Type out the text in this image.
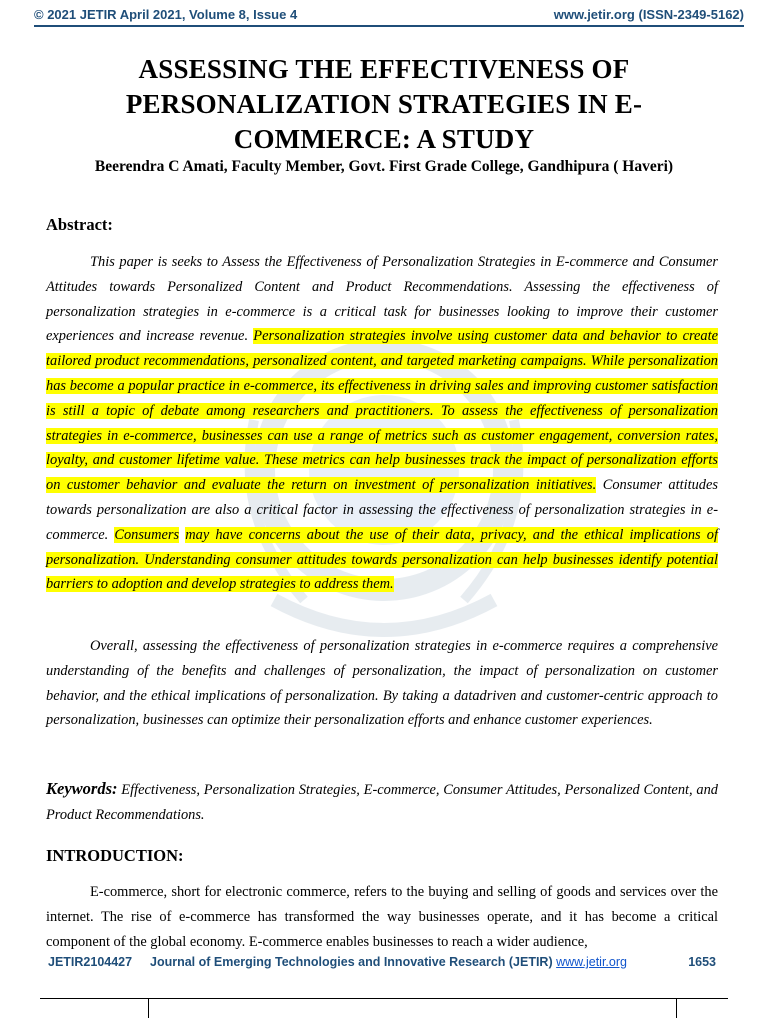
© 2021 JETIR April 2021, Volume 8, Issue 4	www.jetir.org (ISSN-2349-5162)
ASSESSING THE EFFECTIVENESS OF PERSONALIZATION STRATEGIES IN E-COMMERCE: A STUDY
Beerendra C Amati, Faculty Member, Govt. First Grade College, Gandhipura ( Haveri)
Abstract:
This paper is seeks to Assess the Effectiveness of Personalization Strategies in E-commerce and Consumer Attitudes towards Personalized Content and Product Recommendations. Assessing the effectiveness of personalization strategies in e-commerce is a critical task for businesses looking to improve their customer experiences and increase revenue. Personalization strategies involve using customer data and behavior to create tailored product recommendations, personalized content, and targeted marketing campaigns. While personalization has become a popular practice in e-commerce, its effectiveness in driving sales and improving customer satisfaction is still a topic of debate among researchers and practitioners. To assess the effectiveness of personalization strategies in e-commerce, businesses can use a range of metrics such as customer engagement, conversion rates, loyalty, and customer lifetime value. These metrics can help businesses track the impact of personalization efforts on customer behavior and evaluate the return on investment of personalization initiatives. Consumer attitudes towards personalization are also a critical factor in assessing the effectiveness of personalization strategies in e-commerce. Consumers may have concerns about the use of their data, privacy, and the ethical implications of personalization. Understanding consumer attitudes towards personalization can help businesses identify potential barriers to adoption and develop strategies to address them.
Overall, assessing the effectiveness of personalization strategies in e-commerce requires a comprehensive understanding of the benefits and challenges of personalization, the impact of personalization on customer behavior, and the ethical implications of personalization. By taking a datadriven and customer-centric approach to personalization, businesses can optimize their personalization efforts and enhance customer experiences.
Keywords: Effectiveness, Personalization Strategies, E-commerce, Consumer Attitudes, Personalized Content, and Product Recommendations.
INTRODUCTION:
E-commerce, short for electronic commerce, refers to the buying and selling of goods and services over the internet. The rise of e-commerce has transformed the way businesses operate, and it has become a critical component of the global economy. E-commerce enables businesses to reach a wider audience,
JETIR2104427 Journal of Emerging Technologies and Innovative Research (JETIR) www.jetir.org	1653
